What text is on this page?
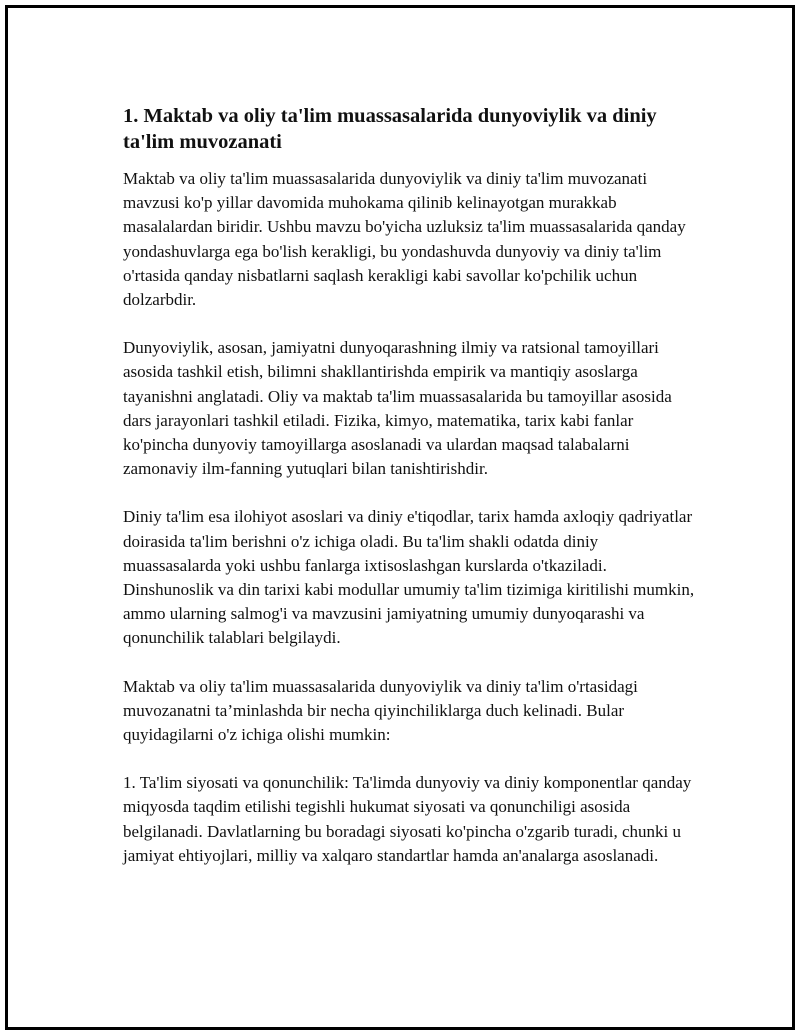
1. Maktab va oliy ta'lim muassasalarida dunyoviylik va diniy ta'lim muvozanati

Maktab va oliy ta'lim muassasalarida dunyoviylik va diniy ta'lim muvozanati mavzusi ko'p yillar davomida muhokama qilinib kelinayotgan murakkab masalalardan biridir. Ushbu mavzu bo'yicha uzluksiz ta'lim muassasalarida qanday yondashuvlarga ega bo'lish kerakligi, bu yondashuvda dunyoviy va diniy ta'lim o'rtasida qanday nisbatlarni saqlash kerakligi kabi savollar ko'pchilik uchun dolzarbdir.

Dunyoviylik, asosan, jamiyatni dunyoqarashning ilmiy va ratsional tamoyillari asosida tashkil etish, bilimni shakllantirishda empirik va mantiqiy asoslarga tayanishni anglatadi. Oliy va maktab ta'lim muassasalarida bu tamoyillar asosida dars jarayonlari tashkil etiladi. Fizika, kimyo, matematika, tarix kabi fanlar ko'pincha dunyoviy tamoyillarga asoslanadi va ulardan maqsad talabalarni zamonaviy ilm-fanning yutuqlari bilan tanishtirishdir.

Diniy ta'lim esa ilohiyot asoslari va diniy e'tiqodlar, tarix hamda axloqiy qadriyatlar doirasida ta'lim berishni o'z ichiga oladi. Bu ta'lim shakli odatda diniy muassasalarda yoki ushbu fanlarga ixtisoslashgan kurslarda o'tkaziladi. Dinshunoslik va din tarixi kabi modullar umumiy ta'lim tizimiga kiritilishi mumkin, ammo ularning salmog'i va mavzusini jamiyatning umumiy dunyoqarashi va qonunchilik talablari belgilaydi.

Maktab va oliy ta'lim muassasalarida dunyoviylik va diniy ta'lim o'rtasidagi muvozanatni ta’minlashda bir necha qiyinchiliklarga duch kelinadi. Bular quyidagilarni o'z ichiga olishi mumkin:

1. Ta'lim siyosati va qonunchilik: Ta'limda dunyoviy va diniy komponentlar qanday miqyosda taqdim etilishi tegishli hukumat siyosati va qonunchiligi asosida belgilanadi. Davlatlarning bu boradagi siyosati ko'pincha o'zgarib turadi, chunki u jamiyat ehtiyojlari, milliy va xalqaro standartlar hamda an'analarga asoslanadi.
